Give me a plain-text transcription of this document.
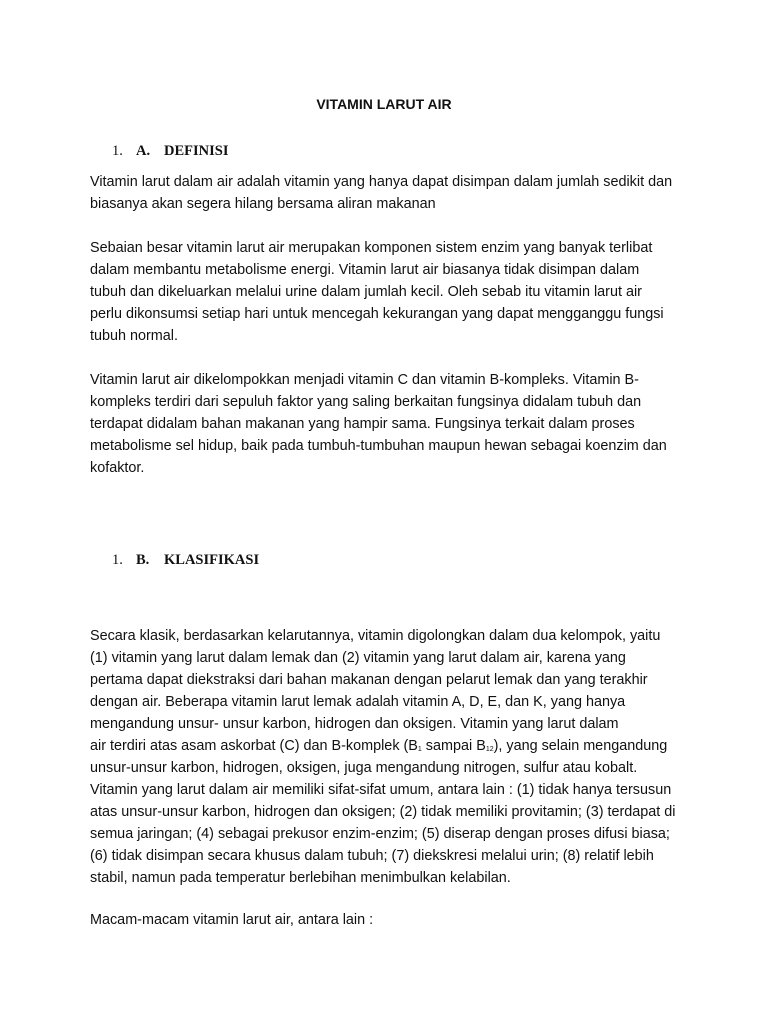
VITAMIN LARUT AIR
1. A. DEFINISI
Vitamin larut dalam air adalah vitamin yang hanya dapat disimpan dalam jumlah sedikit dan
biasanya akan segera hilang bersama aliran makanan
Sebaian besar vitamin larut air merupakan komponen sistem enzim yang banyak terlibat
dalam membantu metabolisme energi. Vitamin larut air biasanya tidak disimpan dalam
tubuh dan dikeluarkan melalui urine dalam jumlah kecil. Oleh sebab itu vitamin larut air
perlu dikonsumsi setiap hari untuk mencegah kekurangan yang dapat mengganggu fungsi
tubuh normal.
Vitamin larut air dikelompokkan menjadi vitamin C dan vitamin B-kompleks. Vitamin B-
kompleks terdiri dari sepuluh faktor yang saling berkaitan fungsinya didalam tubuh dan
terdapat didalam bahan makanan yang hampir sama. Fungsinya terkait dalam proses
metabolisme sel hidup, baik pada tumbuh-tumbuhan maupun hewan sebagai koenzim dan
kofaktor.
1. B. KLASIFIKASI
Secara klasik, berdasarkan kelarutannya, vitamin digolongkan dalam dua kelompok, yaitu
(1) vitamin yang larut dalam lemak dan (2) vitamin yang larut dalam air, karena yang
pertama dapat diekstraksi dari bahan makanan dengan pelarut lemak dan yang terakhir
dengan air. Beberapa vitamin larut lemak adalah vitamin A, D, E, dan K, yang hanya
mengandung unsur- unsur karbon, hidrogen dan oksigen. Vitamin yang larut dalam
air terdiri atas asam askorbat (C) dan B-komplek ($B_1$ sampai $B_{12}$), yang selain mengandung
unsur-unsur karbon, hidrogen, oksigen, juga mengandung nitrogen, sulfur atau kobalt.
Vitamin yang larut dalam air memiliki sifat-sifat umum, antara lain : (1) tidak hanya tersusun
atas unsur-unsur karbon, hidrogen dan oksigen; (2) tidak memiliki provitamin; (3) terdapat di
semua jaringan; (4) sebagai prekusor enzim-enzim; (5) diserap dengan proses difusi biasa;
(6) tidak disimpan secara khusus dalam tubuh; (7) diekskresi melalui urin; (8) relatif lebih
stabil, namun pada temperatur berlebihan menimbulkan kelabilan.
Macam-macam vitamin larut air, antara lain :
